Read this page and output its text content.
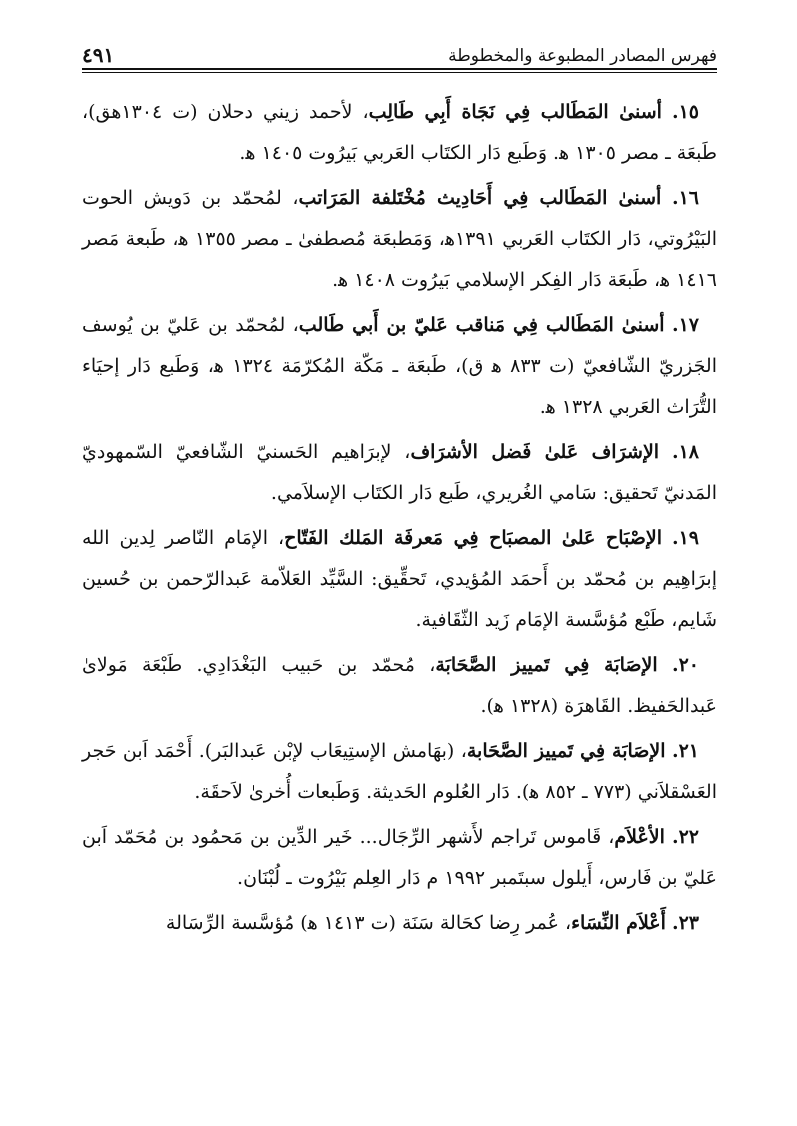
فهرس المصادر المطبوعة والمخطوطة
٤٩١

١٥. أسنىٰ المَطَالب فِي نَجَاة أَبِي طَالِب، لأحمد زيني دحلان (ت ١٣٠٤هق)، طَبعَة ـ مصر ١٣٠٥ ه‍. وَطَبع دَار الكتَاب العَربي بَيرُوت ١٤٠٥ ه‍.

١٦. أسنىٰ المَطَالب فِي أَحَادِيث مُخْتَلفة المَرَاتب، لمُحمّد بن دَويش الحوت البَيْرُوتي، دَار الكتَاب العَربي ١٣٩١ه‍، وَمَطبعَة مُصطفىٰ ـ مصر ١٣٥٥ ه‍، طَبعة مَصر ١٤١٦ ه‍، طَبعَة دَار الفِكر الإسلامي بَيرُوت ١٤٠٨ ه‍.

١٧. أسنىٰ المَطَالب فِي مَناقب عَليّ بن أَبي طَالب، لمُحمّد بن عَليّ بن يُوسف الجَزريّ الشّافعيّ (ت ٨٣٣ ه‍ ق)، طَبعَة ـ مَكّة المُكرّمَة ١٣٢٤ ه‍، وَطَبع دَار إحيَاء التُّرَاث العَربي ١٣٢٨ ه‍.

١٨. الإشرَاف عَلىٰ فَضل الأشرَاف، لإبرَاهيم الحَسنيّ الشّافعيّ السّمهوديّ المَدنيّ تَحقيق: سَامي الغُريري، طَبع دَار الكتَاب الإسلاَمي.

١٩. الإصْبَاح عَلىٰ المصبَاح فِي مَعرفَة المَلك الفَتّاح، الإمَام النّاصر لِدين الله إبرَاهِيم بن مُحمّد بن أَحمَد المُؤيدي، تَحقِّيق: السَّيِّد العَلاّمة عَبدالرّحمن بن حُسين شَايم، طَبْع مُؤسَّسة الإمَام زَيد الثّقَافية.

٢٠. الإصَابَة فِي تَمييز الصَّحَابَة، مُحمّد بن حَبيب البَغْدَادِي. طَبْعَة مَولاىٰ عَبدالحَفيظ. القَاهرَة (١٣٢٨ ه‍).

٢١. الإصَابَة فِي تَمييز الصَّحَابة، (بهَامش الإستِيعَاب لإبْن عَبدالبَر). أَحْمَد اَبن حَجر العَسْقلاَني (٧٧٣ ـ ٨٥٢ ه‍). دَار العُلوم الحَديثة. وَطَبعات أُخرىٰ لاَحقَة.

٢٢. الأعْلاَم، قَاموس تَراجم لأَشهر الرِّجَال... خَير الدِّين بن مَحمُود بن مُحَمّد اَبن عَليّ بن فَارس، أَيلول سبتَمبر ١٩٩٢ م دَار العِلم بَيْرُوت ـ لُبْنَان.

٢٣. أَعْلاَم النِّسَاء، عُمر رِضا كحَالة سَنَة (ت ١٤١٣ ه‍) مُؤسَّسة الرِّسَالة
